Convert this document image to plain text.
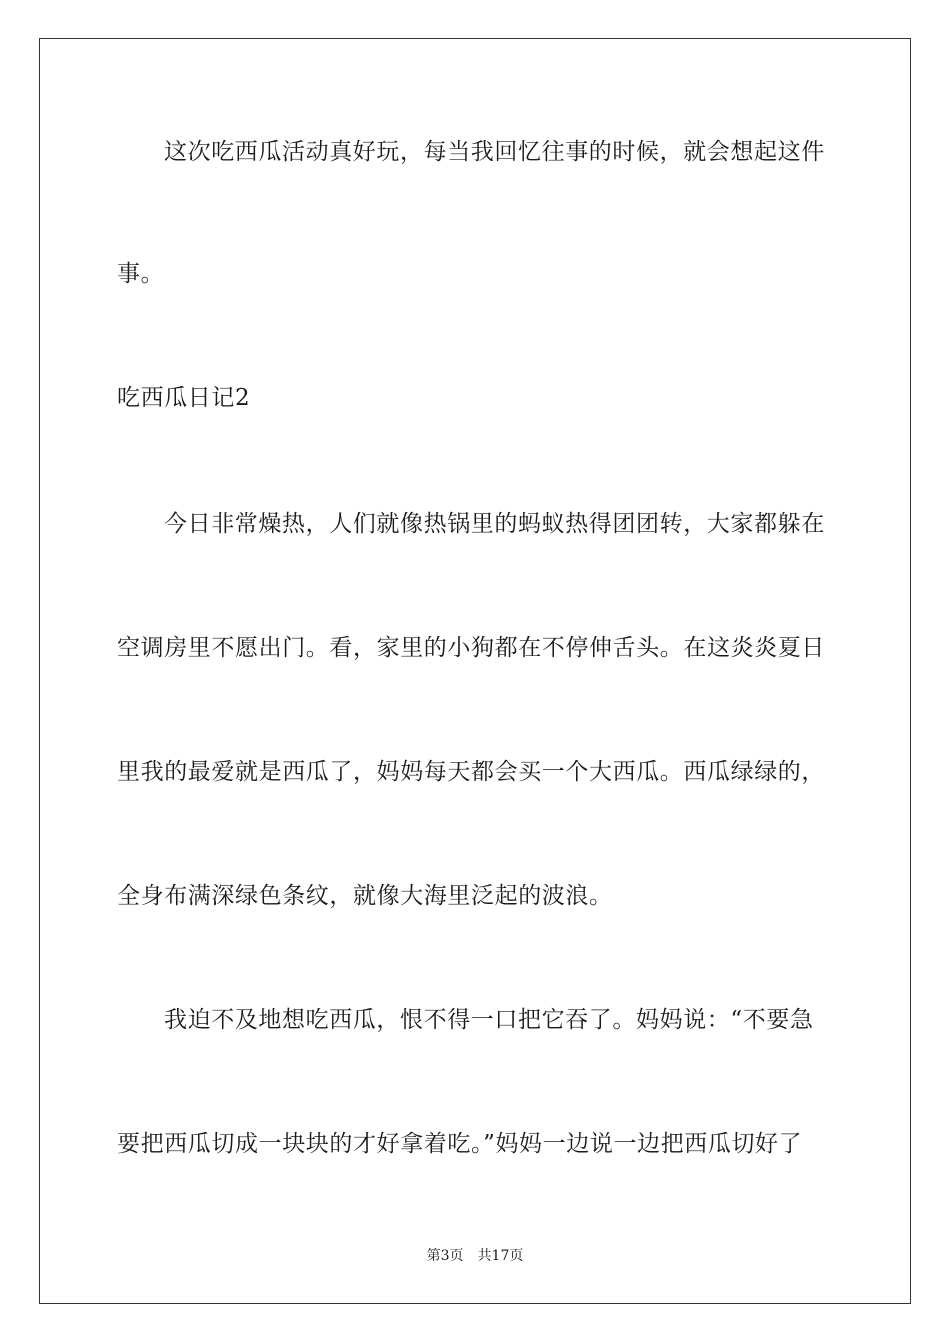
这次吃西瓜活动真好玩，每当我回忆往事的时候，就会想起这件
事。
吃西瓜日记2
今日非常燥热，人们就像热锅里的蚂蚁热得团团转，大家都躲在
空调房里不愿出门。看，家里的小狗都在不停伸舌头。在这炎炎夏日
里我的最爱就是西瓜了，妈妈每天都会买一个大西瓜。西瓜绿绿的，
全身布满深绿色条纹，就像大海里泛起的波浪。
我迫不及地想吃西瓜，恨不得一口把它吞了。妈妈说：“不要急
要把西瓜切成一块块的才好拿着吃。”妈妈一边说一边把西瓜切好了
第3页 共17页
